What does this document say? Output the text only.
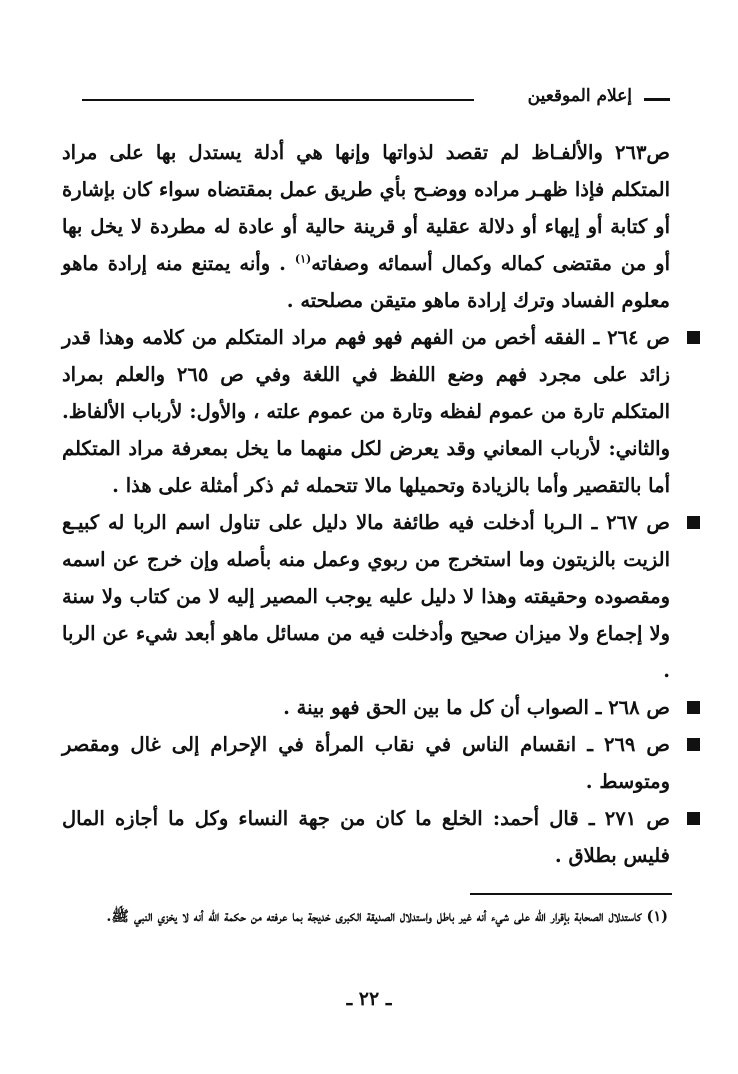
إعلام الموقعين

ص٢٦٣ والألفـاظ لم تقصد لذواتها وإنها هي أدلة يستدل بها على مراد المتكلم فإذا ظهـر مراده ووضـح بأي طريق عمل بمقتضاه سواء كان بإشارة أو كتابة أو إيهاء أو دلالة عقلية أو قرينة حالية أو عادة له مطردة لا يخل بها أو من مقتضى كماله وكمال أسمائه وصفاته$^{(١)}$ . وأنه يمتنع منه إرادة ماهو معلوم الفساد وترك إرادة ماهو متيقن مصلحته .

ص ٢٦٤ ـ الفقه أخص من الفهم فهو فهم مراد المتكلم من كلامه وهذا قدر زائد على مجرد فهم وضع اللفظ في اللغة وفي ص ٢٦٥ والعلم بمراد المتكلم تارة من عموم لفظه وتارة من عموم علته ، والأول: لأرباب الألفاظ. والثاني: لأرباب المعاني وقد يعرض لكل منهما ما يخل بمعرفة مراد المتكلم أما بالتقصير وأما بالزيادة وتحميلها مالا تتحمله ثم ذكر أمثلة على هذا .

ص ٢٦٧ ـ الـربا أدخلت فيه طائفة مالا دليل على تناول اسم الربا له كبيـع الزيت بالزيتون وما استخرج من ربوي وعمل منه بأصله وإن خرج عن اسمه ومقصوده وحقيقته وهذا لا دليل عليه يوجب المصير إليه لا من كتاب ولا سنة ولا إجماع ولا ميزان صحيح وأدخلت فيه من مسائل ماهو أبعد شيء عن الربا .

ص ٢٦٨ ـ الصواب أن كل ما بين الحق فهو بينة .

ص ٢٦٩ ـ انقسام الناس في نقاب المرأة في الإحرام إلى غال ومقصر ومتوسط .

ص ٢٧١ ـ قال أحمد: الخلع ما كان من جهة النساء وكل ما أجازه المال فليس بطلاق .

(١) كاستدلال الصحابة بإقرار الله على شيء أنه غير باطل واستدلال الصديقة الكبرى خديجة بما عرفته من حكمة الله أنه لا يخزي النبي ﷺ.

ـ ٢٢ ـ
